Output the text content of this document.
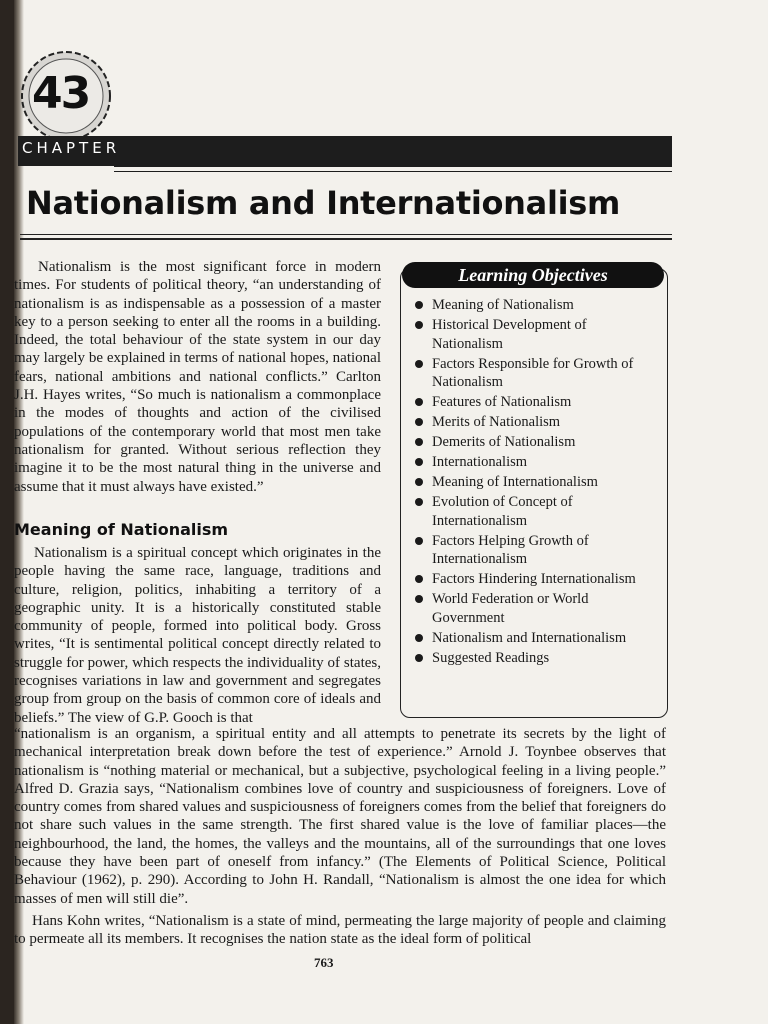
43
CHAPTER
Nationalism and Internationalism
Nationalism is the most significant force in modern times. For students of political theory, “an understanding of nationalism is as indispensable as a possession of a master key to a person seeking to enter all the rooms in a building. Indeed, the total behaviour of the state system in our day may largely be explained in terms of national hopes, national fears, national ambitions and national conflicts.” Carlton J.H. Hayes writes, “So much is nationalism a commonplace in the modes of thoughts and action of the civilised populations of the contemporary world that most men take nationalism for granted. Without serious reflection they imagine it to be the most natural thing in the universe and assume that it must always have existed.”
Meaning of Nationalism
Nationalism is a spiritual concept which originates in the people having the same race, language, traditions and culture, religion, politics, inhabiting a territory of a geographic unity. It is a historically constituted stable community of people, formed into political body. Gross writes, “It is sentimental political concept directly related to struggle for power, which respects the individuality of states, recognises variations in law and government and segregates group from group on the basis of common core of ideals and beliefs.” The view of G.P. Gooch is that
“nationalism is an organism, a spiritual entity and all attempts to penetrate its secrets by the light of mechanical interpretation break down before the test of experience.” Arnold J. Toynbee observes that nationalism is “nothing material or mechanical, but a subjective, psychological feeling in a living people.” Alfred D. Grazia says, “Nationalism combines love of country and suspiciousness of foreigners. Love of country comes from shared values and suspiciousness of foreigners comes from the belief that foreigners do not share such values in the same strength. The first shared value is the love of familiar places—the neighbourhood, the land, the homes, the valleys and the mountains, all of the surroundings that one loves because they have been part of oneself from infancy.” (The Elements of Political Science, Political Behaviour (1962), p. 290). According to John H. Randall, “Nationalism is almost the one idea for which masses of men will still die”.
Hans Kohn writes, “Nationalism is a state of mind, permeating the large majority of people and claiming to permeate all its members. It recognises the nation state as the ideal form of political
Learning Objectives
Meaning of Nationalism
Historical Development of Nationalism
Factors Responsible for Growth of Nationalism
Features of Nationalism
Merits of Nationalism
Demerits of Nationalism
Internationalism
Meaning of Internationalism
Evolution of Concept of Internationalism
Factors Helping Growth of Internationalism
Factors Hindering Internationalism
World Federation or World Government
Nationalism and Internationalism
Suggested Readings
763
